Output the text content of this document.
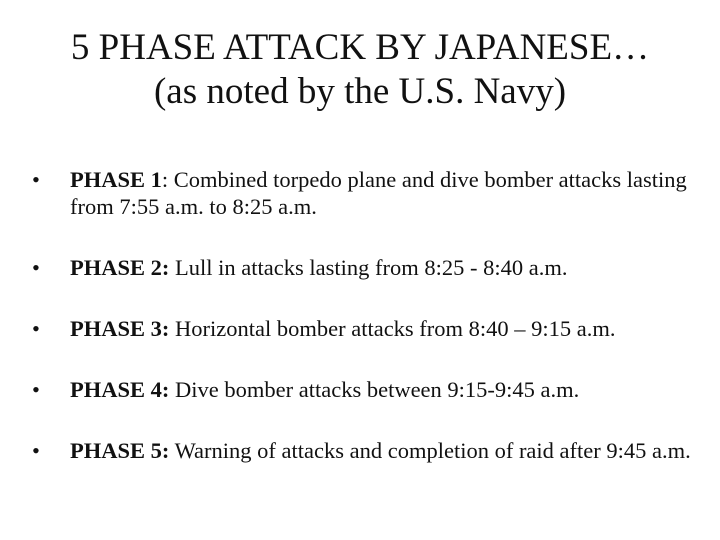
5 PHASE ATTACK BY JAPANESE…
(as noted by the U.S. Navy)
•	PHASE 1: Combined torpedo plane and dive bomber attacks lasting from 7:55 a.m. to 8:25 a.m.
•	PHASE 2: Lull in attacks lasting from 8:25 - 8:40 a.m.
•	PHASE 3: Horizontal bomber attacks from 8:40 – 9:15 a.m.
•	PHASE 4: Dive bomber attacks between 9:15-9:45 a.m.
•	PHASE 5: Warning of attacks and completion of raid after 9:45 a.m.
